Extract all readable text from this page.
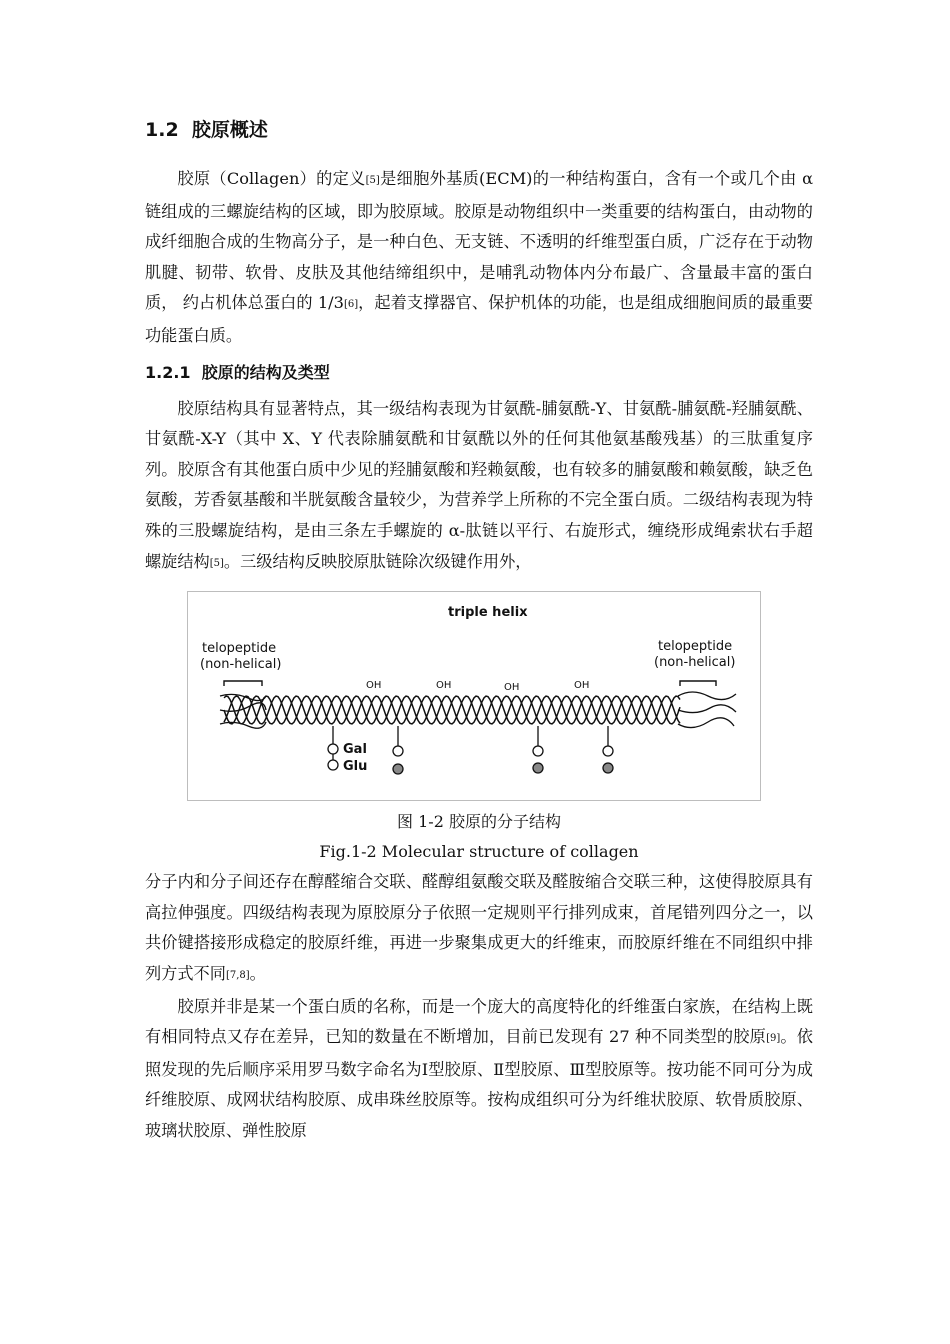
1.2 胶原概述

胶原（Collagen）的定义[5]是细胞外基质(ECM)的一种结构蛋白，含有一个或几个由 α 链组成的三螺旋结构的区域，即为胶原域。胶原是动物组织中一类重要的结构蛋白，由动物的成纤细胞合成的生物高分子，是一种白色、无支链、不透明的纤维型蛋白质，广泛存在于动物肌腱、韧带、软骨、皮肤及其他结缔组织中，是哺乳动物体内分布最广、含量最丰富的蛋白质， 约占机体总蛋白的 1/3[6]，起着支撑器官、保护机体的功能，也是组成细胞间质的最重要功能蛋白质。

1.2.1 胶原的结构及类型

胶原结构具有显著特点，其一级结构表现为甘氨酰-脯氨酰-Y、甘氨酰-脯氨酰-羟脯氨酰、甘氨酰-X-Y（其中 X、Y 代表除脯氨酰和甘氨酰以外的任何其他氨基酸残基）的三肽重复序列。胶原含有其他蛋白质中少见的羟脯氨酸和羟赖氨酸，也有较多的脯氨酸和赖氨酸，缺乏色氨酸，芳香氨基酸和半胱氨酸含量较少，为营养学上所称的不完全蛋白质。二级结构表现为特殊的三股螺旋结构，是由三条左手螺旋的 α-肽链以平行、右旋形式，缠绕形成绳索状右手超螺旋结构[5]。三级结构反映胶原肽链除次级键作用外，

triple helix
telopeptide
(non-helical)
telopeptide
(non-helical)
OH	OH	OH	OH
Gal
Glu

图 1-2 胶原的分子结构

Fig.1-2 Molecular structure of collagen

分子内和分子间还存在醇醛缩合交联、醛醇组氨酸交联及醛胺缩合交联三种，这使得胶原具有高拉伸强度。四级结构表现为原胶原分子依照一定规则平行排列成束，首尾错列四分之一，以共价键搭接形成稳定的胶原纤维，再进一步聚集成更大的纤维束，而胶原纤维在不同组织中排列方式不同[7,8]。

胶原并非是某一个蛋白质的名称，而是一个庞大的高度特化的纤维蛋白家族，在结构上既有相同特点又存在差异，已知的数量在不断增加，目前已发现有 27 种不同类型的胶原[9]。依照发现的先后顺序采用罗马数字命名为Ⅰ型胶原、Ⅱ型胶原、Ⅲ型胶原等。按功能不同可分为成纤维胶原、成网状结构胶原、成串珠丝胶原等。按构成组织可分为纤维状胶原、软骨质胶原、玻璃状胶原、弹性胶原
